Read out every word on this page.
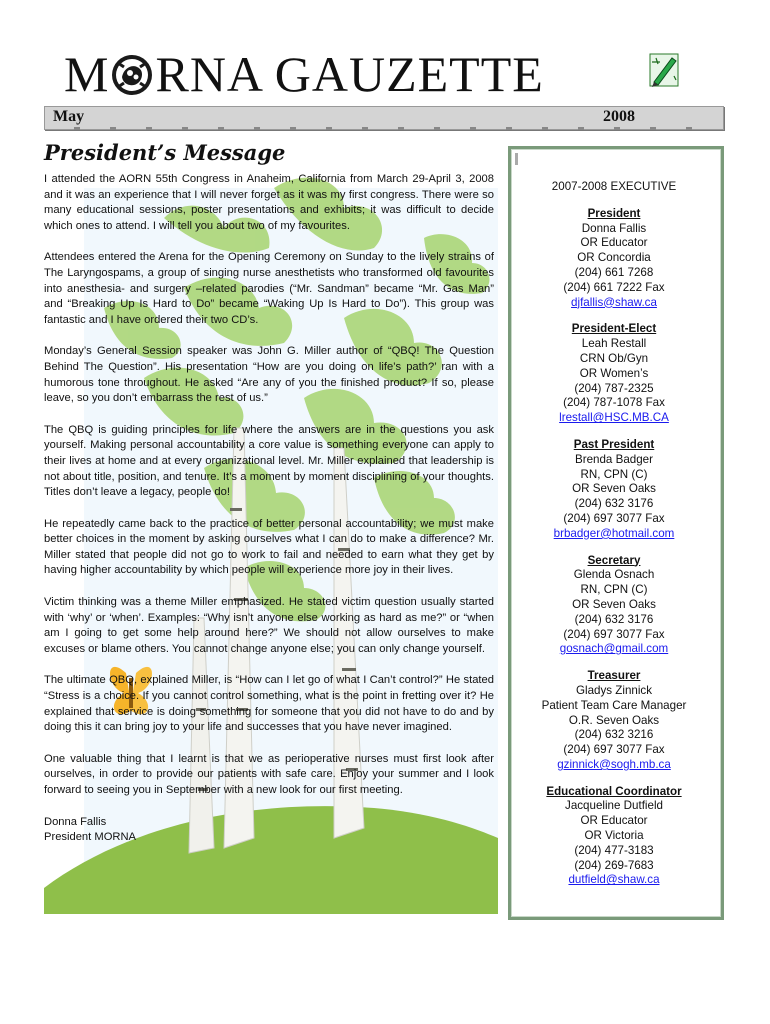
M RNA GAUZETTE
May	2008
President’s Message

I attended the AORN 55th Congress in Anaheim, California from March 29-April 3, 2008 and it was an experience that I will never forget as it was my first congress. There were so many educational sessions, poster presentations and exhibits; it was difficult to decide which ones to attend. I will tell you about two of my favourites.

Attendees entered the Arena for the Opening Ceremony on Sunday to the lively strains of The Laryngospams, a group of singing nurse anesthetists who transformed old favourites into anesthesia- and surgery –related parodies (“Mr. Sandman” became “Mr. Gas Man” and “Breaking Up Is Hard to Do” became “Waking Up Is Hard to Do”). This group was fantastic and I have ordered their two CD’s.

Monday’s General Session speaker was John G. Miller author of “QBQ! The Question Behind The Question”. His presentation “How are you doing on life’s path?’ ran with a humorous tone throughout. He asked “Are any of you the finished product? If so, please leave, so you don’t embarrass the rest of us.”

The QBQ is guiding principles for life where the answers are in the questions you ask yourself. Making personal accountability a core value is something everyone can apply to their lives at home and at every organizational level. Mr. Miller explained that leadership is not about title, position, and tenure. It’s a moment by moment disciplining of your thoughts. Titles don’t leave a legacy, people do!

He repeatedly came back to the practice of better personal accountability; we must make better choices in the moment by asking ourselves what I can do to make a difference? Mr. Miller stated that people did not go to work to fail and needed to earn what they get by having higher accountability by which people will experience more joy in their lives.

Victim thinking was a theme Miller emphasized. He stated victim question usually started with ‘why’ or ‘when’. Examples: “Why isn’t anyone else working as hard as me?” or “when am I going to get some help around here?” We should not allow ourselves to make excuses or blame others. You cannot change anyone else; you can only change yourself.

The ultimate QBQ, explained Miller, is “How can I let go of what I Can’t control?” He stated “Stress is a choice. If you cannot control something, what is the point in fretting over it? He explained that service is doing something for someone that you did not have to do and by doing this it can bring joy to your life and successes that you have never imagined.

One valuable thing that I learnt is that we as perioperative nurses must first look after ourselves, in order to provide our patients with safe care. Enjoy your summer and I look forward to seeing you in September with a new look for our first meeting.

Donna Fallis

President MORNA

2007-2008 EXECUTIVE
President
Donna Fallis
OR Educator
OR Concordia
(204) 661 7268
(204) 661 7222 Fax
djfallis@shaw.ca
President-Elect
Leah Restall
CRN Ob/Gyn
OR Women’s
(204) 787-2325
(204) 787-1078 Fax
lrestall@HSC.MB.CA
Past President
Brenda Badger
RN, CPN (C)
OR Seven Oaks
(204) 632 3176
(204) 697 3077 Fax
brbadger@hotmail.com
Secretary
Glenda Osnach
RN, CPN (C)
OR Seven Oaks
(204) 632 3176
(204) 697 3077 Fax
gosnach@gmail.com
Treasurer
Gladys Zinnick
Patient Team Care Manager
O.R. Seven Oaks
(204) 632 3216
(204) 697 3077 Fax
gzinnick@sogh.mb.ca
Educational Coordinator
Jacqueline Dutfield
OR Educator
OR Victoria
(204) 477-3183
(204) 269-7683
dutfield@shaw.ca
